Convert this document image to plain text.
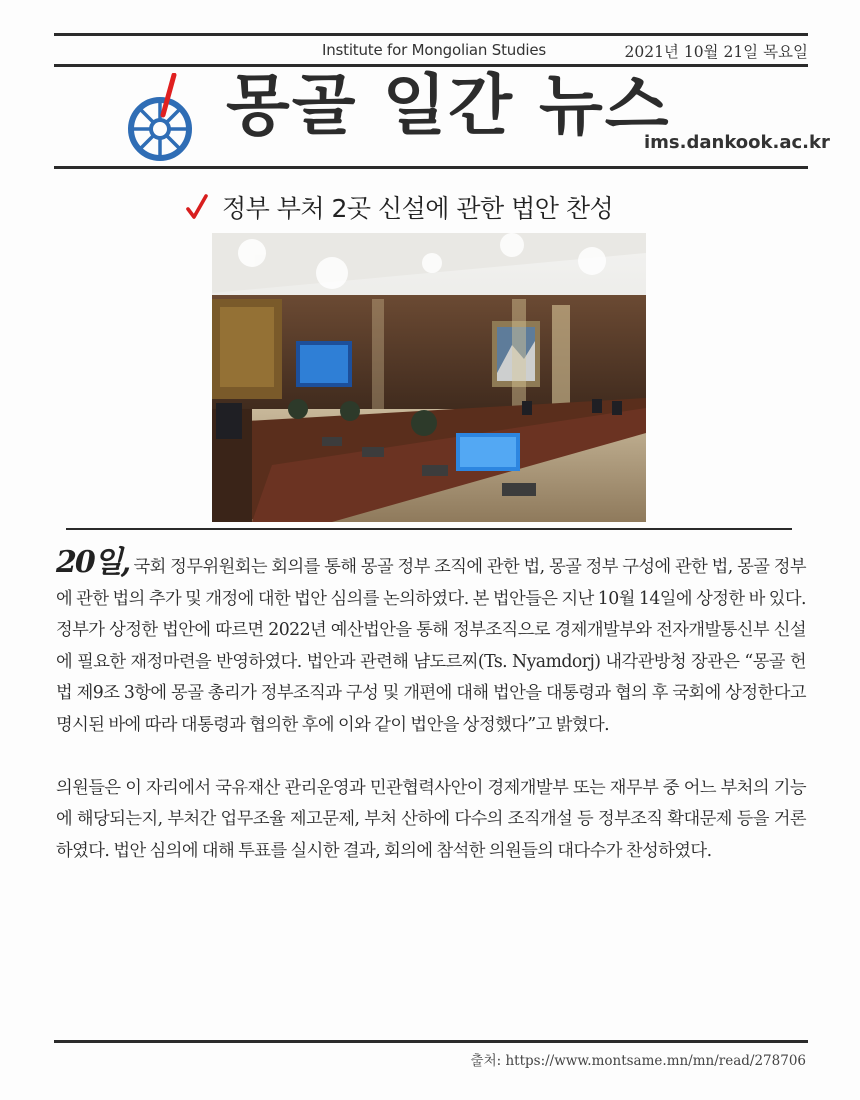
Institute for Mongolian Studies	2021년 10월 21일 목요일
몽골 일간 뉴스
ims.dankook.ac.kr
정부 부처 2곳 신설에 관한 법안 찬성

20일, 국회 정무위원회는 회의를 통해 몽골 정부 조직에 관한 법, 몽골 정부 구성에 관한 법, 몽골 정부에 관한 법의 추가 및 개정에 대한 법안 심의를 논의하였다. 본 법안들은 지난 10월 14일에 상정한 바 있다. 정부가 상정한 법안에 따르면 2022년 예산법안을 통해 정부조직으로 경제개발부와 전자개발통신부 신설에 필요한 재정마련을 반영하였다. 법안과 관련해 냠도르찌(Ts. Nyamdorj) 내각관방청 장관은 “몽골 헌법 제9조 3항에 몽골 총리가 정부조직과 구성 및 개편에 대해 법안을 대통령과 협의 후 국회에 상정한다고 명시된 바에 따라 대통령과 협의한 후에 이와 같이 법안을 상정했다”고 밝혔다.

의원들은 이 자리에서 국유재산 관리운영과 민관협력사안이 경제개발부 또는 재무부 중 어느 부처의 기능에 해당되는지, 부처간 업무조율 제고문제, 부처 산하에 다수의 조직개설 등 정부조직 확대문제 등을 거론하였다. 법안 심의에 대해 투표를 실시한 결과, 회의에 참석한 의원들의 대다수가 찬성하였다.

출처: https://www.montsame.mn/mn/read/278706
